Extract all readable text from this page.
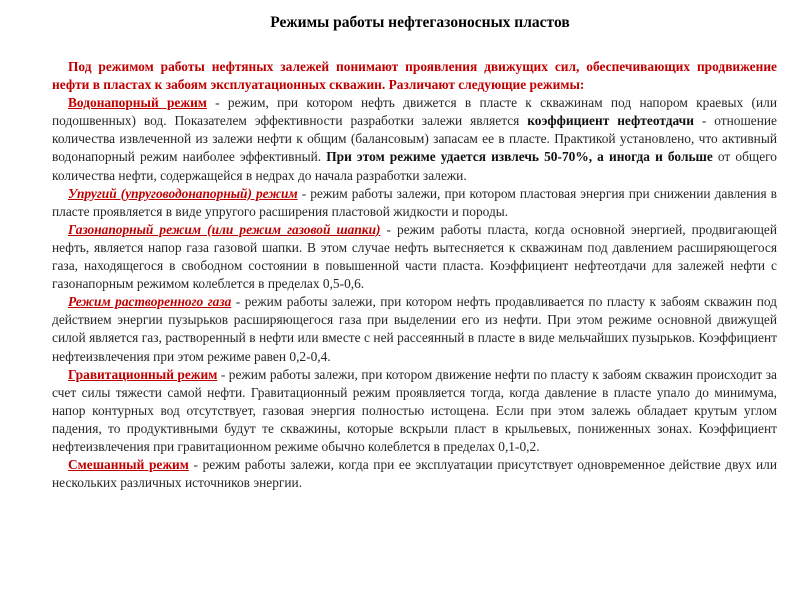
Режимы работы нефтегазоносных пластов

Под режимом работы нефтяных залежей понимают проявления движущих сил, обеспечивающих продвижение нефти в пластах к забоям эксплуатационных скважин. Различают следующие режимы:

Водонапорный режим - режим, при котором нефть движется в пласте к скважинам под напором краевых (или подошвенных) вод. Показателем эффективности разработки залежи является коэффициент нефтеотдачи - отношение количества извлеченной из залежи нефти к общим (балансовым) запасам ее в пласте. Практикой установлено, что активный водонапорный режим наиболее эффективный. При этом режиме удается извлечь 50-70%, а иногда и больше от общего количества нефти, содержащейся в недрах до начала разработки залежи.

Упругий (упруговодонапорный) режим - режим работы залежи, при котором пластовая энергия при снижении давления в пласте проявляется в виде упругого расширения пластовой жидкости и породы.

Газонапорный режим (или режим газовой шапки) - режим работы пласта, когда основной энергией, продвигающей нефть, является напор газа газовой шапки. В этом случае нефть вытесняется к скважинам под давлением расширяющегося газа, находящегося в свободном состоянии в повышенной части пласта. Коэффициент нефтеотдачи для залежей нефти с газонапорным режимом колеблется в пределах 0,5-0,6.

Режим растворенного газа - режим работы залежи, при котором нефть продавливается по пласту к забоям скважин под действием энергии пузырьков расширяющегося газа при выделении его из нефти. При этом режиме основной движущей силой является газ, растворенный в нефти или вместе с ней рассеянный в пласте в виде мельчайших пузырьков. Коэффициент нефтеизвлечения при этом режиме равен 0,2-0,4.

Гравитационный режим - режим работы залежи, при котором движение нефти по пласту к забоям скважин происходит за счет силы тяжести самой нефти. Гравитационный режим проявляется тогда, когда давление в пласте упало до минимума, напор контурных вод отсутствует, газовая энергия полностью истощена. Если при этом залежь обладает крутым углом падения, то продуктивными будут те скважины, которые вскрыли пласт в крыльевых, пониженных зонах. Коэффициент нефтеизвлечения при гравитационном режиме обычно колеблется в пределах 0,1-0,2.

Смешанный режим - режим работы залежи, когда при ее эксплуатации присутствует одновременное действие двух или нескольких различных источников энергии.
